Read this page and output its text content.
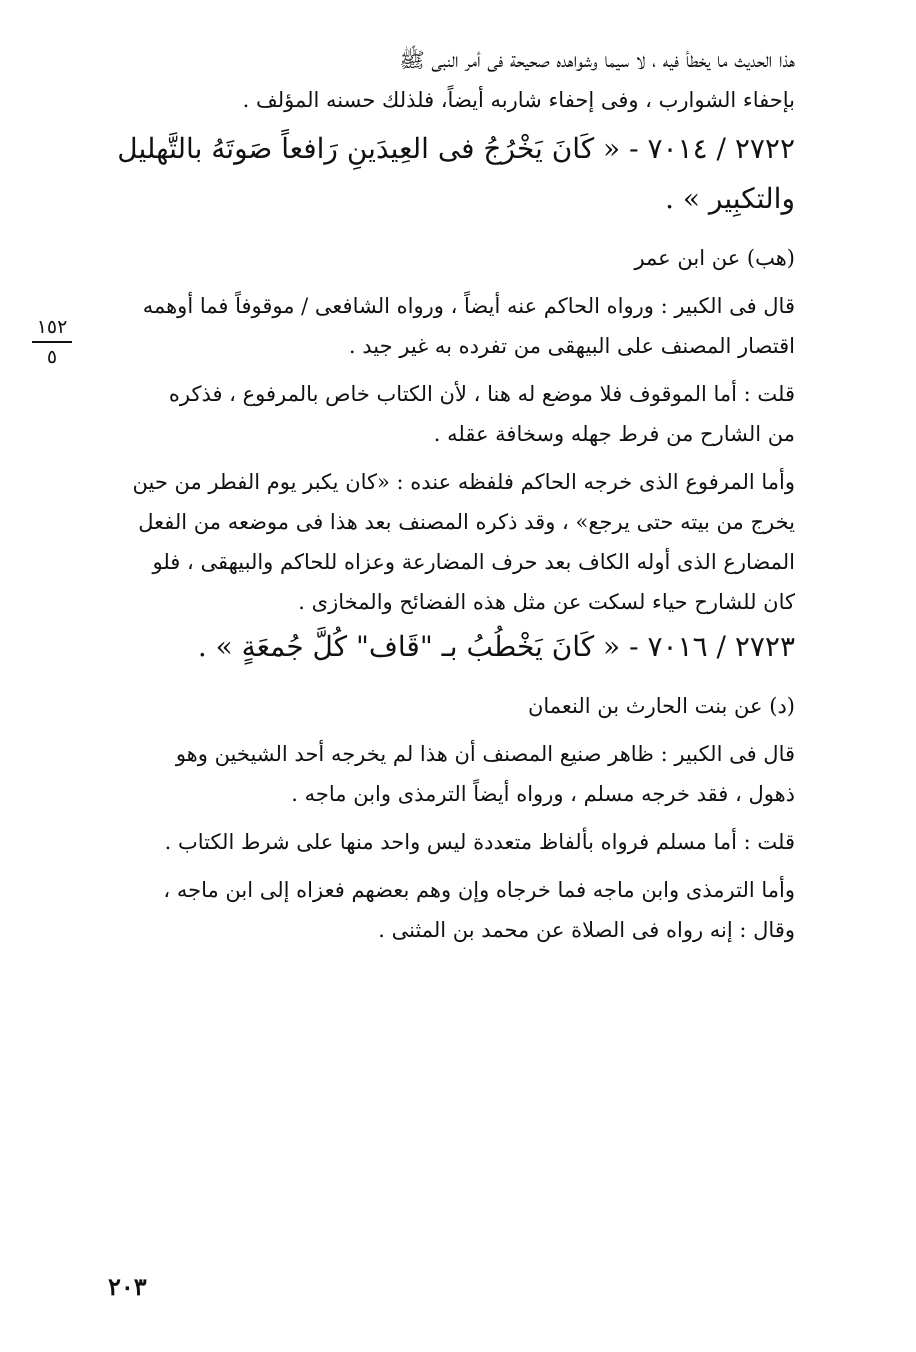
١٥٢
٥
هذا الحديث ما يخطأ فيه ، لا سيما وشواهده صحيحة فى أمر النبى ﷺ
بإحفاء الشوارب ، وفى إحفاء شاربه أيضاً، فلذلك حسنه المؤلف .
٢٧٢٢ / ٧٠١٤ - « كَانَ يَخْرُجُ فى العِيدَينِ رَافعاً صَوتَهُ بالتَّهليل
والتكبِير » .
(هب) عن ابن عمر
قال فى الكبير : ورواه الحاكم عنه أيضاً ، ورواه الشافعى / موقوفاً فما أوهمه
اقتصار المصنف على البيهقى من تفرده به غير جيد .
قلت : أما الموقوف فلا موضع له هنا ، لأن الكتاب خاص بالمرفوع ، فذكره
من الشارح من فرط جهله وسخافة عقله .
وأما المرفوع الذى خرجه الحاكم فلفظه عنده : «كان يكبر يوم الفطر من حين
يخرج من بيته حتى يرجع» ، وقد ذكره المصنف بعد هذا فى موضعه من الفعل
المضارع الذى أوله الكاف بعد حرف المضارعة وعزاه للحاكم والبيهقى ، فلو
كان للشارح حياء لسكت عن مثل هذه الفضائح والمخازى .
٢٧٢٣ / ٧٠١٦ - « كَانَ يَخْطُبُ بـ "قَاف" كُلَّ جُمعَةٍ » .
(د) عن بنت الحارث بن النعمان
قال فى الكبير : ظاهر صنيع المصنف أن هذا لم يخرجه أحد الشيخين وهو
ذهول ، فقد خرجه مسلم ، ورواه أيضاً الترمذى وابن ماجه .
قلت : أما مسلم فرواه بألفاظ متعددة ليس واحد منها على شرط الكتاب .
وأما الترمذى وابن ماجه فما خرجاه وإن وهم بعضهم فعزاه إلى ابن ماجه ،
وقال : إنه رواه فى الصلاة عن محمد بن المثنى .
٢٠٣
